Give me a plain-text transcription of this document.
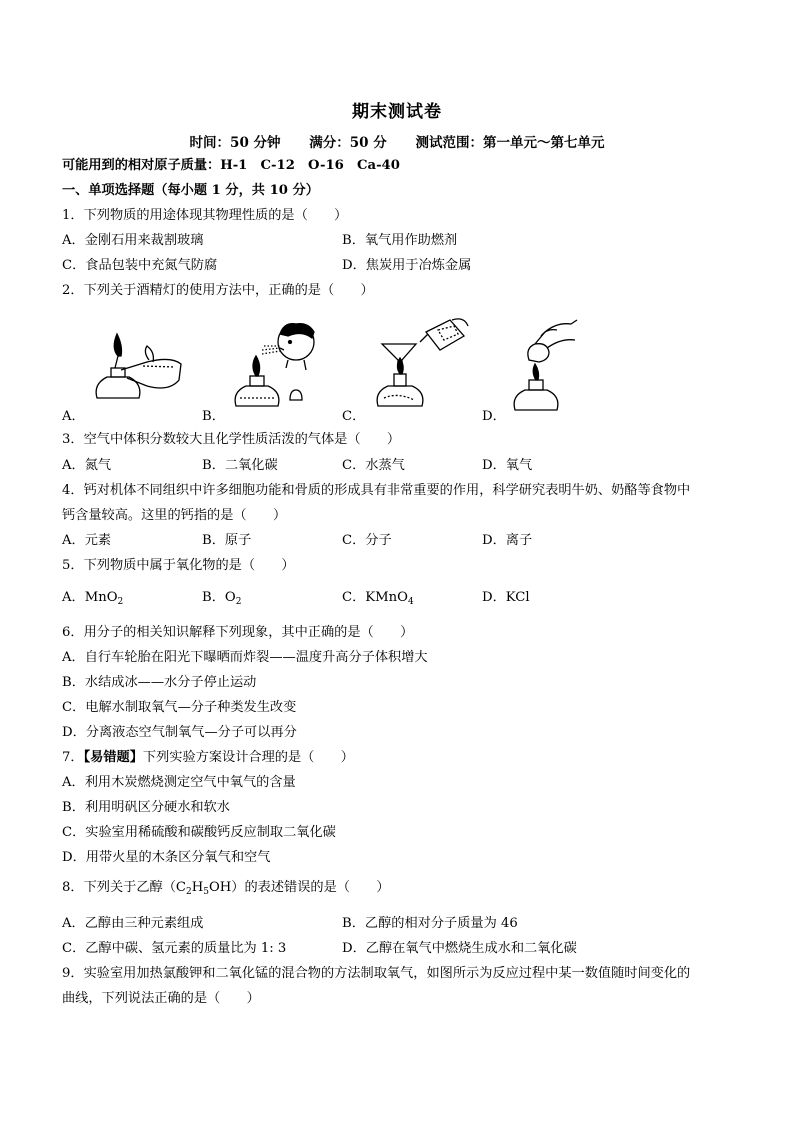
期末测试卷
时间：50 分钟 满分：50 分 测试范围：第一单元～第七单元
可能用到的相对原子质量：H-1　C-12　O-16　Ca-40
一、单项选择题（每小题 1 分，共 10 分）
1．下列物质的用途体现其物理性质的是（　　）
A．金刚石用来裁割玻璃	B．氧气用作助燃剂
C．食品包装中充氮气防腐	D．焦炭用于冶炼金属
2．下列关于酒精灯的使用方法中，正确的是（　　）
A．	B．	C．	D．
3．空气中体积分数较大且化学性质活泼的气体是（　　）
A．氮气	B．二氧化碳	C．水蒸气	D．氧气
4．钙对机体不同组织中许多细胞功能和骨质的形成具有非常重要的作用，科学研究表明牛奶、奶酪等食物中
钙含量较高。这里的钙指的是（　　）
A．元素	B．原子	C．分子	D．离子
5．下列物质中属于氧化物的是（　　）
A．MnO$_2$	B．$O_2$	C．KMnO$_4$	D．KCl
6．用分子的相关知识解释下列现象，其中正确的是（　　）
A．自行车轮胎在阳光下曝晒而炸裂——温度升高分子体积增大
B．水结成冰——水分子停止运动
C．电解水制取氧气—分子种类发生改变
D．分离液态空气制氧气—分子可以再分
7．【易错题】下列实验方案设计合理的是（　　）
A．利用木炭燃烧测定空气中氧气的含量
B．利用明矾区分硬水和软水
C．实验室用稀硫酸和碳酸钙反应制取二氧化碳
D．用带火星的木条区分氧气和空气
8．下列关于乙醇$(C_2H_5OH)$的表述错误的是（　　）
A．乙醇由三种元素组成	B．乙醇的相对分子质量为 46
C．乙醇中碳、氢元素的质量比为 1: 3	D．乙醇在氧气中燃烧生成水和二氧化碳
9．实验室用加热氯酸钾和二氧化锰的混合物的方法制取氧气，如图所示为反应过程中某一数值随时间变化的
曲线，下列说法正确的是（　　）
